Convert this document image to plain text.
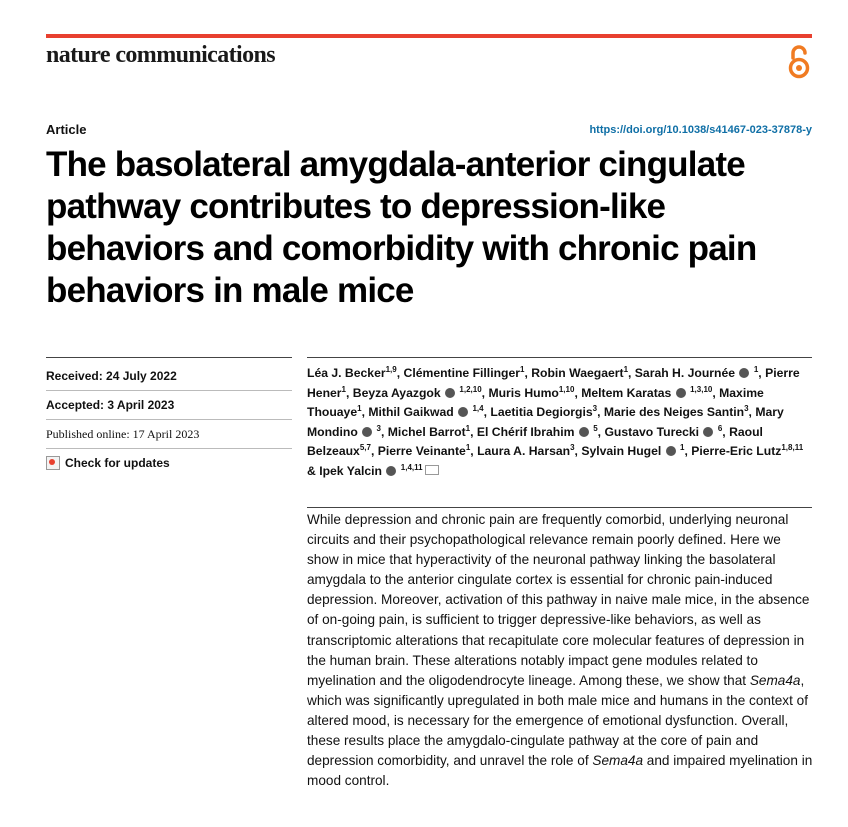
nature communications
Article	https://doi.org/10.1038/s41467-023-37878-y
The basolateral amygdala-anterior cingulate pathway contributes to depression-like behaviors and comorbidity with chronic pain behaviors in male mice
Received: 24 July 2022
Accepted: 3 April 2023
Published online: 17 April 2023
Check for updates
Léa J. Becker$^{1,9}$, Clémentine Fillinger$^1$, Robin Waegaert$^1$, Sarah H. Journée $^1$, Pierre Hener$^1$, Beyza Ayazgok $^{1,2,10}$, Muris Humo$^{1,10}$, Meltem Karatas $^{1,3,10}$, Maxime Thouaye$^1$, Mithil Gaikwad $^{1,4}$, Laetitia Degiorgis$^3$, Marie des Neiges Santin$^3$, Mary Mondino $^3$, Michel Barrot$^1$, El Chérif Ibrahim $^5$, Gustavo Turecki $^6$, Raoul Belzeaux$^{5,7}$, Pierre Veinante$^1$, Laura A. Harsan$^3$, Sylvain Hugel $^1$, Pierre-Eric Lutz$^{1,8,11}$ & Ipek Yalcin $^{1,4,11}$

While depression and chronic pain are frequently comorbid, underlying neuronal circuits and their psychopathological relevance remain poorly defined. Here we show in mice that hyperactivity of the neuronal pathway linking the basolateral amygdala to the anterior cingulate cortex is essential for chronic pain-induced depression. Moreover, activation of this pathway in naive male mice, in the absence of on-going pain, is sufficient to trigger depressive-like behaviors, as well as transcriptomic alterations that recapitulate core molecular features of depression in the human brain. These alterations notably impact gene modules related to myelination and the oligodendrocyte lineage. Among these, we show that Sema4a, which was significantly upregulated in both male mice and humans in the context of altered mood, is necessary for the emergence of emotional dysfunction. Overall, these results place the amygdalo-cingulate pathway at the core of pain and depression comorbidity, and unravel the role of Sema4a and impaired myelination in mood control.
